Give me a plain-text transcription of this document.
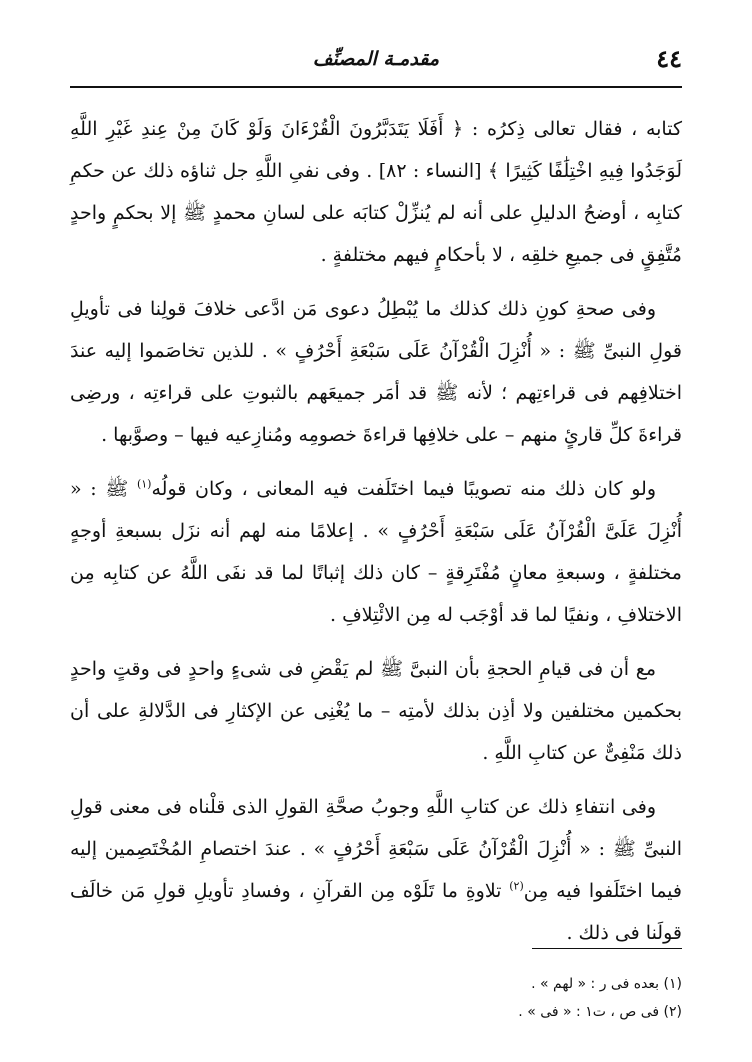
٤٤
مقدمـة المصنِّف

كتابه ، فقال تعالى ذِكرُه : ﴿ أَفَلَا يَتَدَبَّرُونَ الْقُرْءَانَ وَلَوْ كَانَ مِنْ عِندِ غَيْرِ اللَّهِ لَوَجَدُوا فِيهِ اخْتِلَٰفًا كَثِيرًا ﴾ [النساء : ٨٢] . وفى نفىِ اللَّهِ جل ثناؤه ذلك عن حكمِ كتابِه ، أوضحُ الدليلِ على أنه لم يُنزِّلْ كتابَه على لسانِ محمدٍ ﷺ إلا بحكمٍ واحدٍ مُتَّفِقٍ فى جميعِ خلقِه ، لا بأحكامٍ فيهم مختلفةٍ .

وفى صحةِ كونِ ذلك كذلك ما يُبْطِلُ دعوى مَن ادَّعى خلافَ قولِنا فى تأويلِ قولِ النبىِّ ﷺ : « أُنْزِلَ الْقُرْآنُ عَلَى سَبْعَةِ أَحْرُفٍ » . للذين تخاصَموا إليه عندَ اختلافِهم فى قراءتِهم ؛ لأنه ﷺ قد أمَر جميعَهم بالثبوتِ على قراءتِه ، ورضِى قراءةَ كلِّ قارئٍ منهم – على خلافِها قراءةَ خصومِه ومُنازِعيه فيها – وصوَّبها .

ولو كان ذلك منه تصويبًا فيما اختَلَفت فيه المعانى ، وكان قولُه$^{(١)}$ ﷺ : « أُنْزِلَ عَلَىَّ الْقُرْآنُ عَلَى سَبْعَةِ أَحْرُفٍ » . إعلامًا منه لهم أنه نزَل بسبعةِ أوجهٍ مختلفةٍ ، وسبعةِ معانٍ مُفْتَرِقةٍ – كان ذلك إثباتًا لما قد نفَى اللَّهُ عن كتابِه مِن الاختلافِ ، ونفيًا لما قد أوْجَب له مِن الائْتِلافِ .

مع أن فى قيامِ الحجةِ بأن النبىَّ ﷺ لم يَقْضِ فى شىءٍ واحدٍ فى وقتٍ واحدٍ بحكمين مختلفين ولا أذِن بذلك لأمتِه – ما يُغْنِى عن الإكثارِ فى الدَّلالةِ على أن ذلك مَنْفِىٌّ عن كتابِ اللَّهِ .

وفى انتفاءِ ذلك عن كتابِ اللَّهِ وجوبُ صحَّةِ القولِ الذى قلْناه فى معنى قولِ النبىِّ ﷺ : « أُنْزِلَ الْقُرْآنُ عَلَى سَبْعَةِ أَحْرُفٍ » . عندَ اختصامِ المُخْتَصِمين إليه فيما اختَلَفوا فيه مِن$^{(٢)}$ تلاوةِ ما تَلَوْه مِن القرآنِ ، وفسادِ تأويلِ قولِ مَن خالَف قولَنا فى ذلك .

(١) بعده فى ر : « لهم » .

(٢) فى ص ، ت١ : « فى » .
